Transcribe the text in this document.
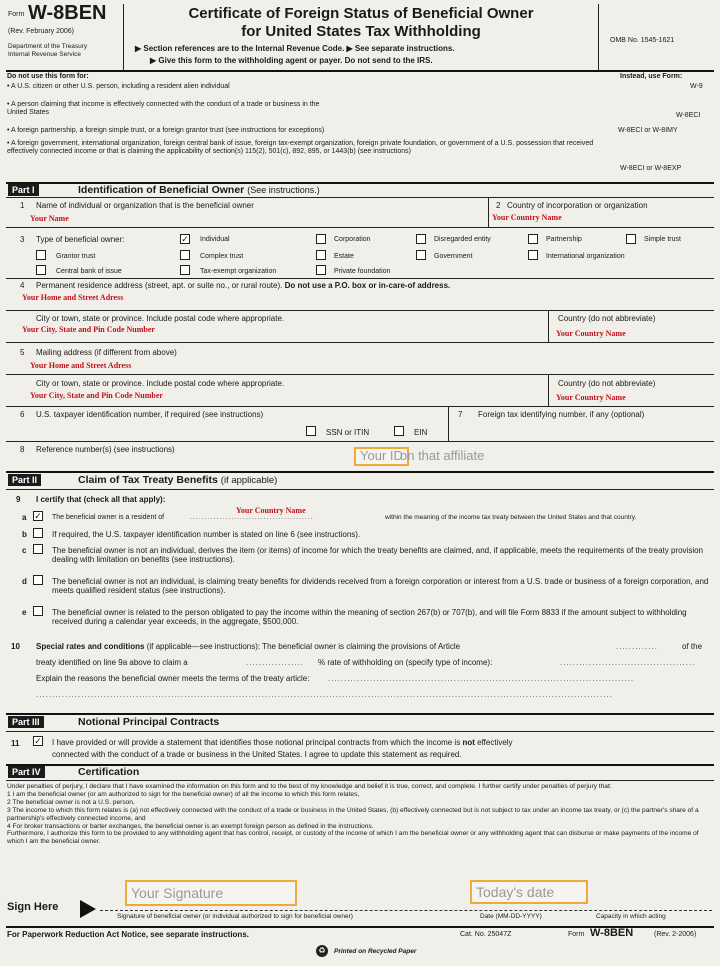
Form W-8BEN
(Rev. February 2006)
Department of the Treasury
Internal Revenue Service
Certificate of Foreign Status of Beneficial Owner
for United States Tax Withholding
▶ Section references are to the Internal Revenue Code. ▶ See separate instructions.
▶ Give this form to the withholding agent or payer. Do not send to the IRS.
OMB No. 1545-1621
Do not use this form for:	Instead, use Form:
• A U.S. citizen or other U.S. person, including a resident alien individual	W-9
• A person claiming that income is effectively connected with the conduct of a trade or business in the United States	W-8ECI
• A foreign partnership, a foreign simple trust, or a foreign grantor trust (see instructions for exceptions)	W-8ECI or W-8IMY
• A foreign government, international organization, foreign central bank of issue, foreign tax-exempt organization, foreign private foundation, or government of a U.S. possession that received effectively connected income or that is claiming the applicability of section(s) 115(2), 501(c), 892, 895, or 1443(b) (see instructions)
W-8ECI or W-8EXP
Part I	Identification of Beneficial Owner (See instructions.)
1 Name of individual or organization that is the beneficial owner
Your Name
2 Country of incorporation or organization
Your Country Name
3 Type of beneficial owner:	✓	Individual	Corporation	Disregarded entity	Partnership	Simple trust
Grantor trust	Complex trust	Estate	Government	International organization
Central bank of issue	Tax-exempt organization	Private foundation
4 Permanent residence address (street, apt. or suite no., or rural route). Do not use a P.O. box or in-care-of address.
Your Home and Street Adress
City or town, state or province. Include postal code where appropriate.
Your City, State and Pin Code Number
Country (do not abbreviate)
Your Country Name
5 Mailing address (if different from above)
Your Home and Street Adress
City or town, state or province. Include postal code where appropriate.
Your City, State and Pin Code Number
Country (do not abbreviate)
Your Country Name
6 U.S. taxpayer identification number, if required (see instructions)
SSN or ITIN	EIN
7 Foreign tax identifying number, if any (optional)
8 Reference number(s) (see instructions)	Your ID
on that affiliate
Part II	Claim of Tax Treaty Benefits (if applicable)
9 I certify that (check all that apply):
a ✓	The beneficial owner is a resident of	..........................................
Your Country Name
within the meaning of the income tax treaty between the United States and that country.
b	If required, the U.S. taxpayer identification number is stated on line 6 (see instructions).
c	The beneficial owner is not an individual, derives the item (or items) of income for which the treaty benefits are claimed, and, if applicable, meets the requirements of the treaty provision dealing with limitation on benefits (see instructions).
d	The beneficial owner is not an individual, is claiming treaty benefits for dividends received from a foreign corporation or interest from a U.S. trade or business of a foreign corporation, and meets qualified resident status (see instructions).
e	The beneficial owner is related to the person obligated to pay the income within the meaning of section 267(b) or 707(b), and will file Form 8833 if the amount subject to withholding received during a calendar year exceeds, in the aggregate, $500,000.
10 Special rates and conditions (if applicable—see instructions): The beneficial owner is claiming the provisions of Article	.............	of the
treaty identified on line 9a above to claim a	.................. % rate of withholding on (specify type of income):	..........................................
Explain the reasons the beneficial owner meets the terms of the treaty article: ...............................................................................................
...................................................................................................................................................................................
Part III	Notional Principal Contracts
11 ✓	I have provided or will provide a statement that identifies those notional principal contracts from which the income is not effectively
connected with the conduct of a trade or business in the United States. I agree to update this statement as required.
Part IV	Certification
Under penalties of perjury, I declare that I have examined the information on this form and to the best of my knowledge and belief it is true, correct, and complete. I further certify under penalties of perjury that:
1 I am the beneficial owner (or am authorized to sign for the beneficial owner) of all the income to which this form relates,
2 The beneficial owner is not a U.S. person,
3 The income to which this form relates is (a) not effectively connected with the conduct of a trade or business in the United States, (b) effectively connected but is not subject to tax under an income tax treaty, or (c) the partner's share of a partnership's effectively connected income, and
4 For broker transactions or barter exchanges, the beneficial owner is an exempt foreign person as defined in the instructions.
Furthermore, I authorize this form to be provided to any withholding agent that has control, receipt, or custody of the income of which I am the beneficial owner or any withholding agent that can disburse or make payments of the income of which I am the beneficial owner.
Sign Here
Your Signature	Today's date
Signature of beneficial owner (or individual authorized to sign for beneficial owner)	Date (MM-DD-YYYY)	Capacity in which acting
For Paperwork Reduction Act Notice, see separate instructions.	Cat. No. 25047Z	Form W-8BEN	(Rev. 2-2006)
♻	Printed on Recycled Paper
